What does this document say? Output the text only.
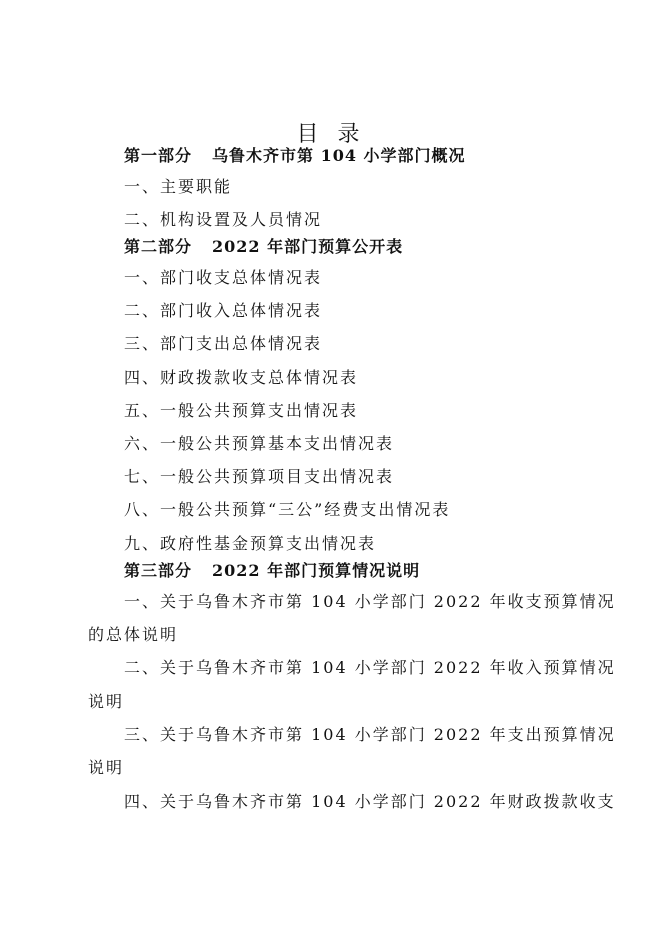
目 录
第一部分 乌鲁木齐市第 104 小学部门概况
一、主要职能
二、机构设置及人员情况
第二部分 2022 年部门预算公开表
一、部门收支总体情况表
二、部门收入总体情况表
三、部门支出总体情况表
四、财政拨款收支总体情况表
五、一般公共预算支出情况表
六、一般公共预算基本支出情况表
七、一般公共预算项目支出情况表
八、一般公共预算“三公”经费支出情况表
九、政府性基金预算支出情况表
第三部分 2022 年部门预算情况说明
一、关于乌鲁木齐市第 104 小学部门 2022 年收支预算情况
的总体说明
二、关于乌鲁木齐市第 104 小学部门 2022 年收入预算情况
说明
三、关于乌鲁木齐市第 104 小学部门 2022 年支出预算情况
说明
四、关于乌鲁木齐市第 104 小学部门 2022 年财政拨款收支
